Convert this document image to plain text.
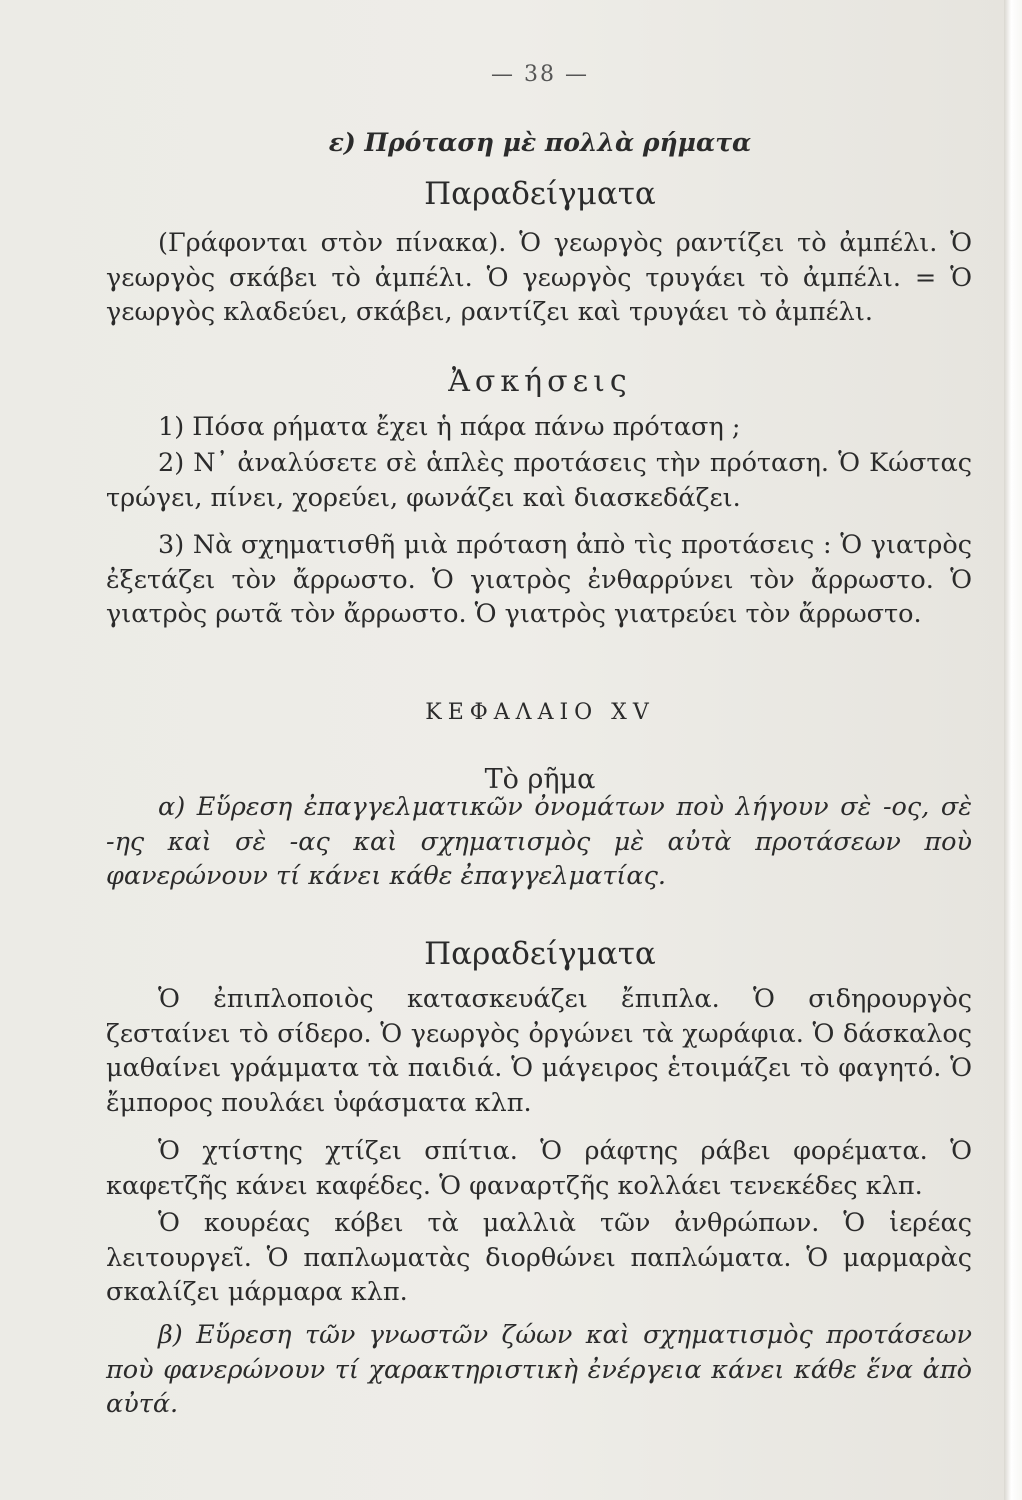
— 38 —
ε) Πρόταση μὲ πολλὰ ρήματα
Παραδείγματα

(Γράφονται στὸν πίνακα). Ὁ γεωργὸς ραντίζει τὸ ἀμπέλι. Ὁ γεωργὸς σκάβει τὸ ἀμπέλι. Ὁ γεωργὸς τρυγάει τὸ ἀμπέλι. = Ὁ γεωργὸς κλαδεύει, σκάβει, ραντίζει καὶ τρυγάει τὸ ἀμπέλι.

Ἀσκήσεις

1) Πόσα ρήματα ἔχει ἡ πάρα πάνω πρόταση ;

2) Ν᾽ ἀναλύσετε σὲ ἁπλὲς προτάσεις τὴν πρόταση. Ὁ Κώστας τρώγει, πίνει, χορεύει, φωνάζει καὶ διασκεδάζει.

3) Νὰ σχηματισθῆ μιὰ πρόταση ἀπὸ τὶς προτάσεις : Ὁ γιατρὸς ἐξετάζει τὸν ἄρρωστο. Ὁ γιατρὸς ἐνθαρρύνει τὸν ἄρρωστο. Ὁ γιατρὸς ρωτᾶ τὸν ἄρρωστο. Ὁ γιατρὸς γιατρεύει τὸν ἄρρωστο.

ΚΕΦΑΛΑΙΟ XV
Τὸ ρῆμα

α) Εὕρεση ἐπαγγελματικῶν ὀνομάτων ποὺ λήγουν σὲ -ος, σὲ -ης καὶ σὲ -ας καὶ σχηματισμὸς μὲ αὐτὰ προτάσεων ποὺ φανερώνουν τί κάνει κάθε ἐπαγγελματίας.

Παραδείγματα

Ὁ ἐπιπλοποιὸς κατασκευάζει ἔπιπλα. Ὁ σιδηρουργὸς ζεσταίνει τὸ σίδερο. Ὁ γεωργὸς ὀργώνει τὰ χωράφια. Ὁ δάσκαλος μαθαίνει γράμματα τὰ παιδιά. Ὁ μάγειρος ἑτοιμάζει τὸ φαγητό. Ὁ ἔμπορος πουλάει ὑφάσματα κλπ.

Ὁ χτίστης χτίζει σπίτια. Ὁ ράφτης ράβει φορέματα. Ὁ καφετζῆς κάνει καφέδες. Ὁ φαναρτζῆς κολλάει τενεκέδες κλπ.

Ὁ κουρέας κόβει τὰ μαλλιὰ τῶν ἀνθρώπων. Ὁ ἱερέας λειτουργεῖ. Ὁ παπλωματὰς διορθώνει παπλώματα. Ὁ μαρμαρὰς σκαλίζει μάρμαρα κλπ.

β) Εὕρεση τῶν γνωστῶν ζώων καὶ σχηματισμὸς προτάσεων ποὺ φανερώνουν τί χαρακτηριστικὴ ἐνέργεια κάνει κάθε ἕνα ἀπὸ αὐτά.
